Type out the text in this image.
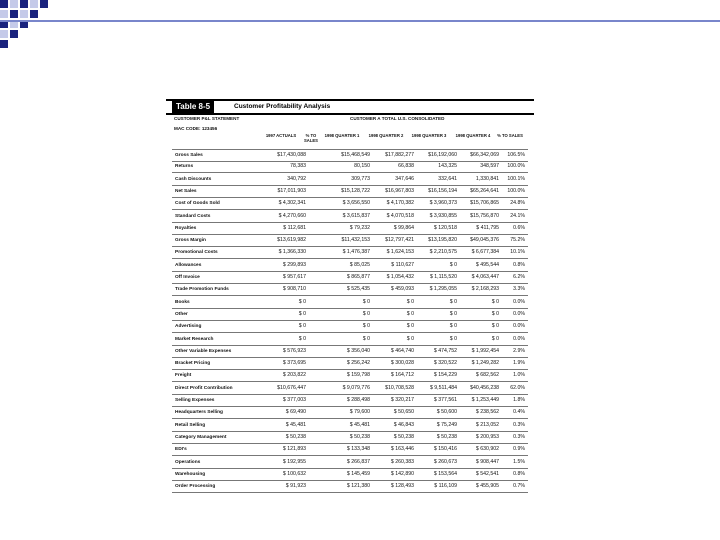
Table 8-5	Customer Profitability Analysis
CUSTOMER P&L STATEMENT	CUSTOMER A TOTAL U.S. CONSOLIDATED
MAC CODE: 123456
1997 ACTUALS	% TO SALES
1998 QUARTER 1	1998 QUARTER 2	1998 QUARTER 3	1998 QUARTER 4	% TO SALES
Gross Sales	$17,430,088	$15,468,549	$17,882,277	$16,192,060	$66,342,069	106.5%
Returns	78,383	80,150	66,838	143,325	348,597	100.0%
Cash Discounts	340,792	309,773	347,646	332,641	1,330,841	100.1%
Net Sales	$17,011,903	$15,128,722	$16,967,803	$16,156,194	$65,264,641	100.0%
Cost of Goods Sold	$ 4,302,341	$ 3,656,550	$ 4,170,382	$ 3,960,373	$15,706,865	24.8%
Standard Costs	$ 4,270,660	$ 3,615,837	$ 4,070,518	$ 3,930,855	$15,756,870	24.1%
Royalties	$ 112,681	$ 79,232	$ 99,864	$ 120,518	$ 411,795	0.6%
Gross Margin	$13,619,982	$11,432,153	$12,797,421	$13,195,820	$49,045,376	75.2%
Promotional Costs	$ 1,366,330	$ 1,476,387	$ 1,624,153	$ 2,210,575	$ 6,677,384	10.1%
Allowances	$ 299,893	$ 85,025	$ 110,627	$ 0	$ 495,544	0.8%
Off Invoice	$ 957,617	$ 865,877	$ 1,054,432	$ 1,115,520	$ 4,063,447	6.2%
Trade Promotion Funds	$ 908,710	$ 525,435	$ 459,093	$ 1,295,055	$ 2,168,293	3.3%
Books	$ 0	$ 0	$ 0	$ 0	$ 0	0.0%
Other	$ 0	$ 0	$ 0	$ 0	$ 0	0.0%
Advertising	$ 0	$ 0	$ 0	$ 0	$ 0	0.0%
Market Research	$ 0	$ 0	$ 0	$ 0	$ 0	0.0%
Other Variable Expenses	$ 576,923	$ 356,040	$ 464,740	$ 474,752	$ 1,992,454	2.9%
Bracket Pricing	$ 373,695	$ 256,242	$ 300,028	$ 320,522	$ 1,249,282	1.9%
Freight	$ 203,822	$ 159,798	$ 164,712	$ 154,229	$ 682,562	1.0%
Direct Profit Contribution	$10,676,447	$ 9,079,776	$10,708,528	$ 9,511,484	$40,456,238	62.0%
Selling Expenses	$ 377,003	$ 288,498	$ 320,217	$ 377,561	$ 1,253,449	1.8%
Headquarters Selling	$ 69,490	$ 79,600	$ 50,650	$ 50,600	$ 238,562	0.4%
Retail Selling	$ 45,481	$ 45,481	$ 46,843	$ 75,249	$ 213,052	0.3%
Category Management	$ 50,238	$ 50,238	$ 50,238	$ 50,238	$ 200,953	0.3%
EDI's	$ 121,893	$ 133,348	$ 163,446	$ 150,416	$ 630,902	0.9%
Operations	$ 192,955	$ 266,837	$ 260,383	$ 260,673	$ 908,447	1.5%
Warehousing	$ 100,632	$ 145,459	$ 142,890	$ 153,564	$ 542,541	0.8%
Order Processing	$ 91,923	$ 121,380	$ 128,493	$ 116,109	$ 455,905	0.7%
